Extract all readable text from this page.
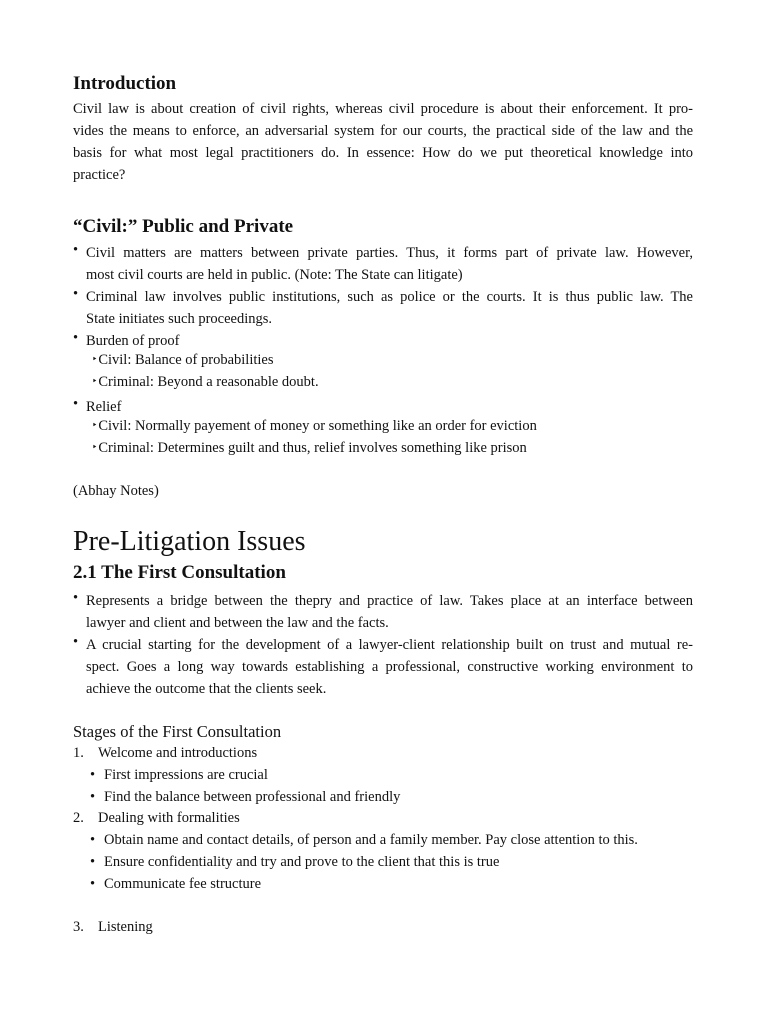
Introduction
Civil law is about creation of civil rights, whereas civil procedure is about their enforcement. It pro-
vides the means to enforce, an adversarial system for our courts, the practical side of the law and the
basis for what most legal practitioners do. In essence: How do we put theoretical knowledge into
practice?
“Civil:” Public and Private
• Civil matters are matters between private parties. Thus, it forms part of private law. However,
most civil courts are held in public. (Note: The State can litigate)
• Criminal law involves public institutions, such as police or the courts. It is thus public law. The
State initiates such proceedings.
• Burden of proof
‣Civil: Balance of probabilities
‣Criminal: Beyond a reasonable doubt.
• Relief
‣Civil: Normally payement of money or something like an order for eviction
‣Criminal: Determines guilt and thus, relief involves something like prison
(Abhay Notes)
Pre-Litigation Issues
2.1 The First Consultation
• Represents a bridge between the thepry and practice of law. Takes place at an interface between
lawyer and client and between the law and the facts.
• A crucial starting for the development of a lawyer-client relationship built on trust and mutual re-
spect. Goes a long way towards establishing a professional, constructive working environment to
achieve the outcome that the clients seek.
Stages of the First Consultation
1. Welcome and introductions
• First impressions are crucial
• Find the balance between professional and friendly
2. Dealing with formalities
• Obtain name and contact details, of person and a family member. Pay close attention to this.
• Ensure confidentiality and try and prove to the client that this is true
• Communicate fee structure
3. Listening
